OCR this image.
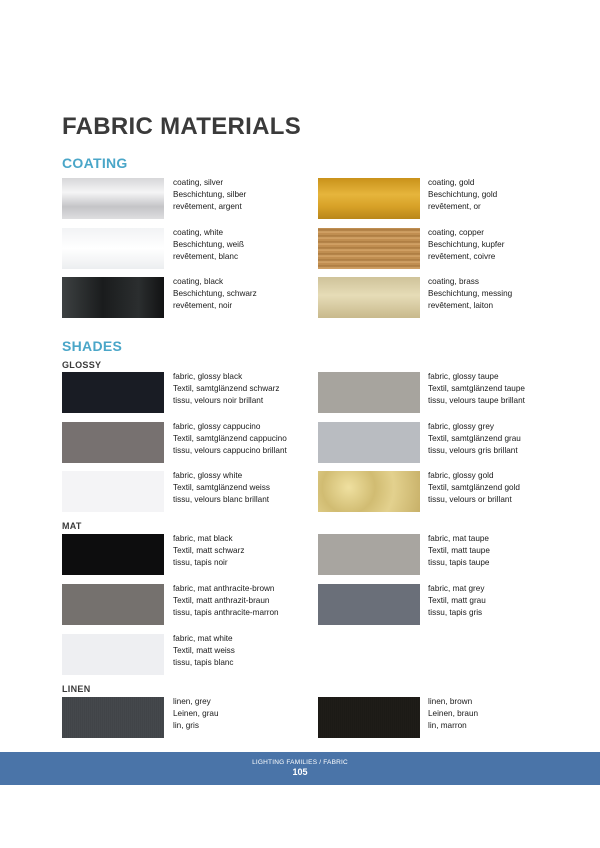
FABRIC MATERIALS
COATING
coating, silver
Beschichtung, silber
revêtement, argent
coating, white
Beschichtung, weiß
revêtement, blanc
coating, black
Beschichtung, schwarz
revêtement, noir
coating, gold
Beschichtung, gold
revêtement, or
coating, copper
Beschichtung, kupfer
revêtement, coivre
coating, brass
Beschichtung, messing
revêtement, laiton
SHADES
GLOSSY
fabric, glossy black
Textil, samtglänzend schwarz
tissu, velours noir brillant
fabric, glossy cappucino
Textil, samtglänzend cappucino
tissu, velours cappucino brillant
fabric, glossy white
Textil, samtglänzend weiss
tissu, velours blanc brillant
fabric, glossy taupe
Textil, samtglänzend taupe
tissu, velours taupe brillant
fabric, glossy grey
Textil, samtglänzend grau
tissu, velours gris brillant
fabric, glossy gold
Textil, samtglänzend gold
tissu, velours or brillant
MAT
fabric, mat black
Textil, matt schwarz
tissu, tapis noir
fabric, mat anthracite-brown
Textil, matt anthrazit-braun
tissu, tapis anthracite-marron
fabric, mat white
Textil, matt weiss
tissu, tapis blanc
fabric, mat taupe
Textil, matt taupe
tissu, tapis taupe
fabric, mat grey
Textil, matt grau
tissu, tapis gris
LINEN
linen, grey
Leinen, grau
lin, gris
linen, brown
Leinen, braun
lin, marron
LIGHTING FAMILIES / FABRIC
105
